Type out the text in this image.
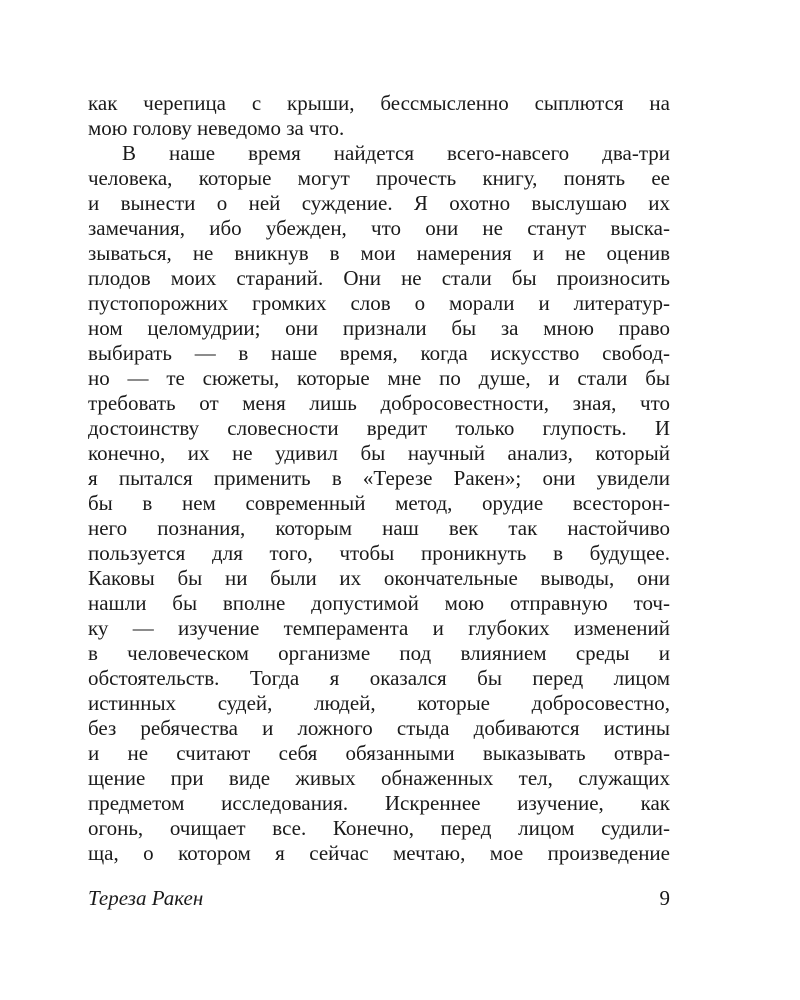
как черепица с крыши, бессмысленно сыплются на
мою голову неведомо за что.
В наше время найдется всего-навсего два-три
человека, которые могут прочесть книгу, понять ее
и вынести о ней суждение. Я охотно выслушаю их
замечания, ибо убежден, что они не станут выска-
зываться, не вникнув в мои намерения и не оценив
плодов моих стараний. Они не стали бы произносить
пустопорожних громких слов о морали и литератур-
ном целомудрии; они признали бы за мною право
выбирать — в наше время, когда искусство свобод-
но — те сюжеты, которые мне по душе, и стали бы
требовать от меня лишь добросовестности, зная, что
достоинству словесности вредит только глупость. И
конечно, их не удивил бы научный анализ, который
я пытался применить в «Терезе Ракен»; они увидели
бы в нем современный метод, орудие всесторон-
него познания, которым наш век так настойчиво
пользуется для того, чтобы проникнуть в будущее.
Каковы бы ни были их окончательные выводы, они
нашли бы вполне допустимой мою отправную точ-
ку — изучение темперамента и глубоких изменений
в человеческом организме под влиянием среды и
обстоятельств. Тогда я оказался бы перед лицом
истинных судей, людей, которые добросовестно,
без ребячества и ложного стыда добиваются истины
и не считают себя обязанными выказывать отвра-
щение при виде живых обнаженных тел, служащих
предметом исследования. Искреннее изучение, как
огонь, очищает все. Конечно, перед лицом судили-
ща, о котором я сейчас мечтаю, мое произведение
Тереза Ракен	9
